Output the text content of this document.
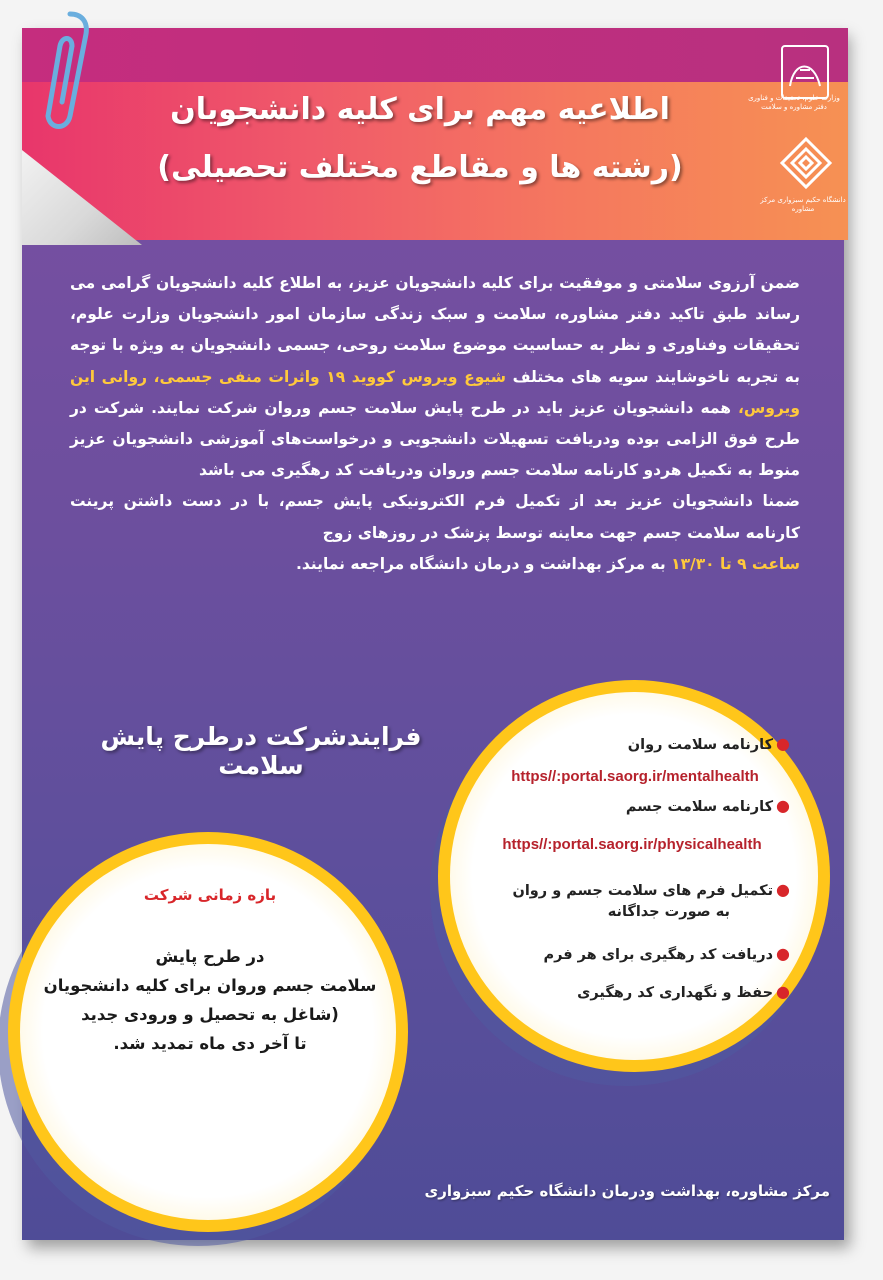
اطلاعیه مهم برای کلیه دانشجویان
(رشته ها و مقاطع مختلف تحصیلی)
وزارت علوم، تحقیقات و فناوری دفتر مشاوره و سلامت
دانشگاه حکیم سبزواری مرکز مشاوره
ضمن آرزوی سلامتی و موفقیت برای کلیه دانشجویان عزیز، به اطلاع کلیه دانشجویان گرامی می رساند طبق تاکید دفتر مشاوره، سلامت و سبک زندگی سازمان امور دانشجویان وزارت علوم، تحقیقات وفناوری و نظر به حساسیت موضوع سلامت روحی، جسمی دانشجویان به ویژه با توجه به تجربه ناخوشایند سویه های مختلف شیوع ویروس کووید ۱۹ واثرات منفی جسمی، روانی این ویروس، همه دانشجویان عزیز باید در طرح پایش سلامت جسم وروان شرکت نمایند. شرکت در طرح فوق الزامی بوده ودریافت تسهیلات دانشجویی و درخواست‌های آموزشی دانشجویان عزیز منوط به تکمیل هردو کارنامه سلامت جسم وروان ودریافت کد رهگیری می باشد
ضمنا دانشجویان عزیز بعد از تکمیل فرم الکترونیکی پایش جسم، با در دست داشتن پرینت کارنامه سلامت جسم جهت معاینه توسط پزشک در روزهای زوج
ساعت ۹ تا ۱۳/۳۰ به مرکز بهداشت و درمان دانشگاه مراجعه نمایند.
فرایندشرکت درطرح پایش سلامت
●کارنامه سلامت روان
●کارنامه سلامت جسم
●تکمیل فرم های سلامت جسم و روان
به صورت جداگانه
●دریافت کد رهگیری برای هر فرم
●حفظ و نگهداری کد رهگیری
https//:portal.saorg.ir/mentalhealth
https//:portal.saorg.ir/physicalhealth
بازه زمانی شرکت
در طرح پایش
سلامت جسم وروان برای کلیه دانشجویان
(شاغل به تحصیل و ورودی جدید
تا آخر دی ماه تمدید شد.
مرکز مشاوره، بهداشت ودرمان دانشگاه حکیم سبزواری
